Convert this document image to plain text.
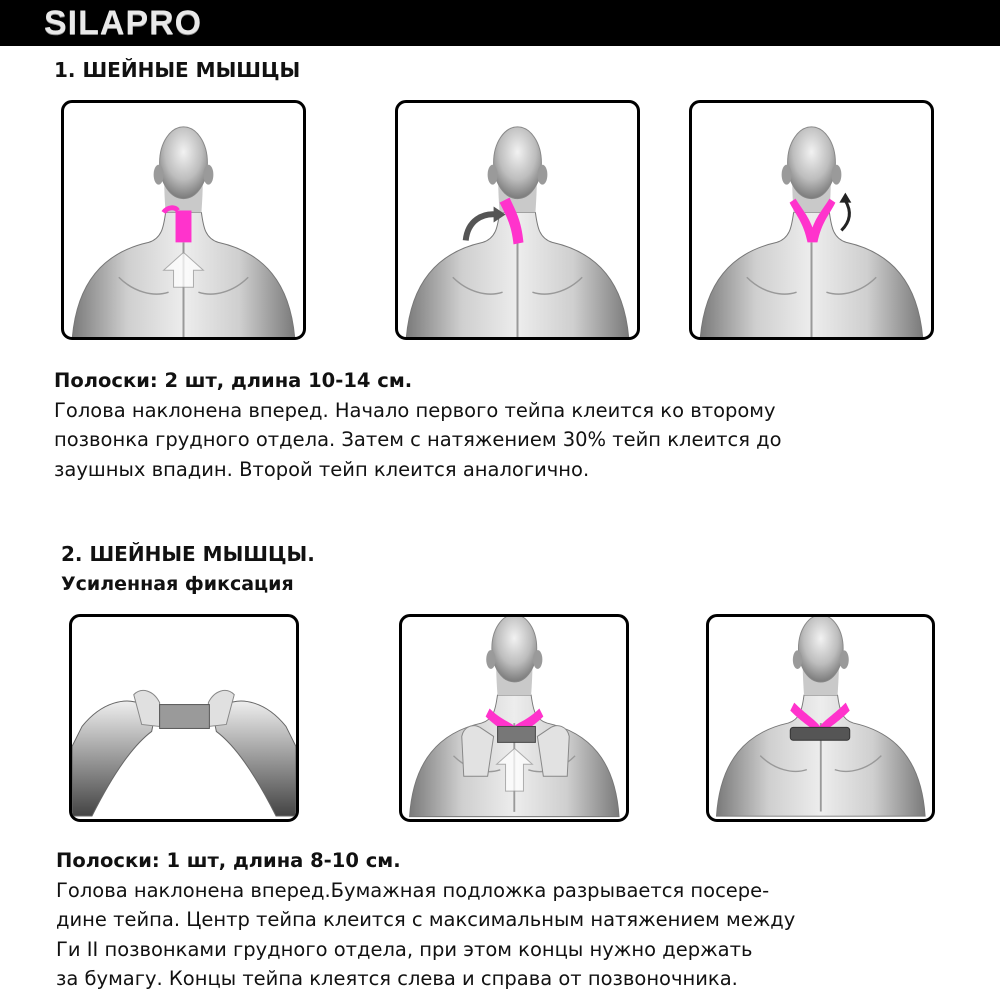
SILAPRO
1. ШЕЙНЫЕ МЫШЦЫ
Полоски: 2 шт, длина 10-14 см.
Голова наклонена вперед. Начало первого тейпа клеится ко второму
позвонка грудного отдела. Затем с натяжением 30% тейп клеится до
заушных впадин. Второй тейп клеится аналогично.
2. ШЕЙНЫЕ МЫШЦЫ.
Усиленная фиксация
Полоски: 1 шт, длина 8-10 см.
Голова наклонена вперед.Бумажная подложка разрывается посере-
дине тейпа. Центр тейпа клеится с максимальным натяжением между
Ги II позвонками грудного отдела, при этом концы нужно держать
за бумагу. Концы тейпа клеятся слева и справа от позвоночника.
